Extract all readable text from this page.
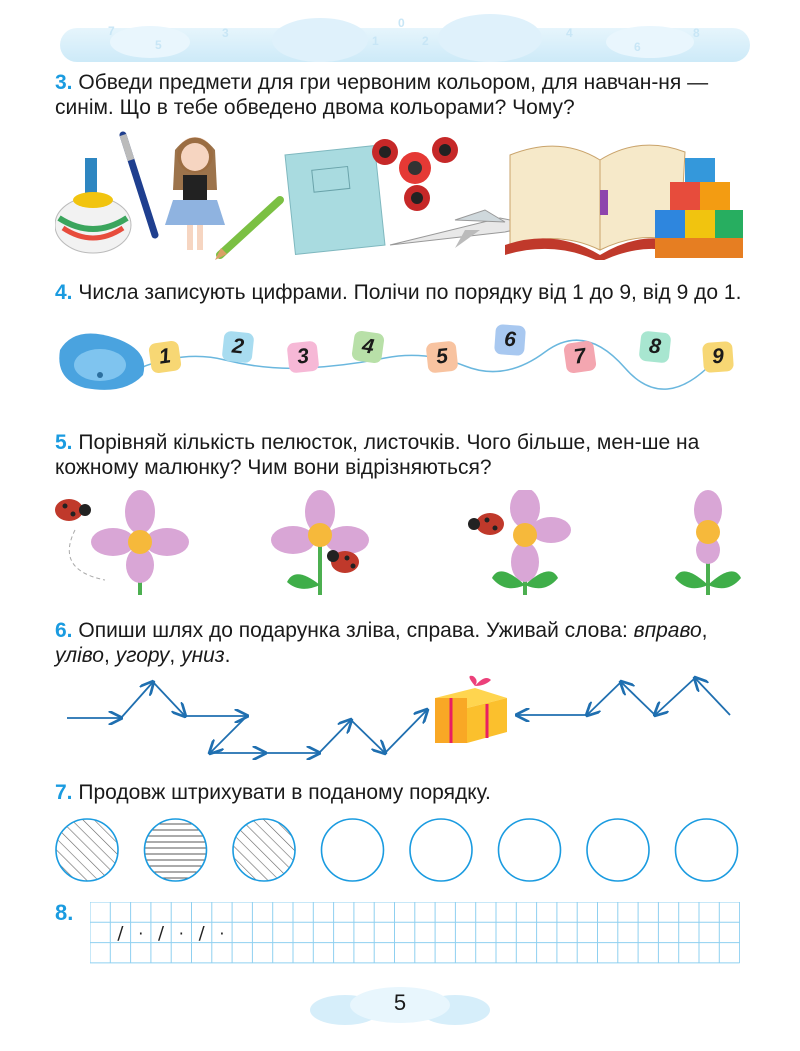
7
5
3
1
0
2
4
6
8
3. Обведи предмети для гри червоним кольором, для навчан-ня — синім. Що в тебе обведено двома кольорами? Чому?
4. Числа записують цифрами. Полічи по порядку від 1 до 9, від 9 до 1.
1	2	3	4	5
6
7	8	9
5. Порівняй кількість пелюсток, листочків. Чого більше, мен-ше на кожному малюнку? Чим вони відрізняються?
6. Опиши шлях до подарунка зліва, справа. Уживай слова: вправо, уліво, угору, униз.
7. Продовж штрихувати в поданому порядку.
8.
/ · / · / ·
5
